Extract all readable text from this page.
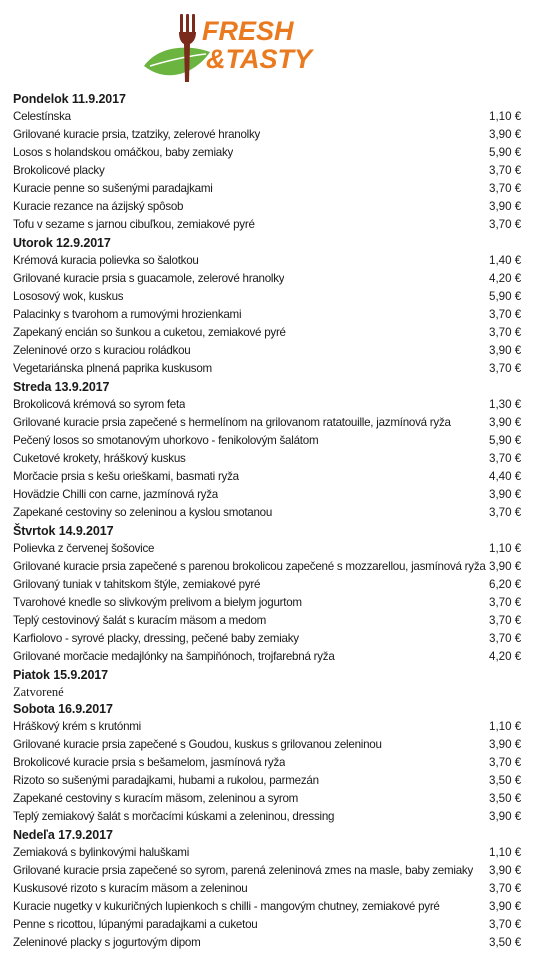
FRESH
&TASTY
Pondelok 11.9.2017
Celestínska	1,10 €
Grilované kuracie prsia, tzatziky, zelerové hranolky	3,90 €
Losos s holandskou omáčkou, baby zemiaky	5,90 €
Brokolicové placky	3,70 €
Kuracie penne so sušenými paradajkami	3,70 €
Kuracie rezance na ázijský spôsob	3,90 €
Tofu v sezame s jarnou cibuľkou, zemiakové pyré	3,70 €
Utorok 12.9.2017
Krémová kuracia polievka so šalotkou	1,40 €
Grilované kuracie prsia s guacamole, zelerové hranolky	4,20 €
Lososový wok, kuskus	5,90 €
Palacinky s tvarohom a rumovými hrozienkami	3,70 €
Zapekaný encián so šunkou a cuketou, zemiakové pyré	3,70 €
Zeleninové orzo s kuraciou roládkou	3,90 €
Vegetariánska plnená paprika kuskusom	3,70 €
Streda 13.9.2017
Brokolicová krémová so syrom feta	1,30 €
Grilované kuracie prsia zapečené s hermelínom na grilovanom ratatouille, jazmínová ryža	3,90 €
Pečený losos so smotanovým uhorkovo - fenikolovým šalátom	5,90 €
Cuketové krokety, hráškový kuskus	3,70 €
Morčacie prsia s kešu orieškami, basmati ryža	4,40 €
Hovädzie Chilli con carne, jazmínová ryža	3,90 €
Zapekané cestoviny so zeleninou a kyslou smotanou	3,70 €
Štvrtok 14.9.2017
Polievka z červenej šošovice	1,10 €
Grilované kuracie prsia zapečené s parenou brokolicou zapečené s mozzarellou, jasmínová ryža 3,90 €
Grilovaný tuniak v tahitskom štýle, zemiakové pyré	6,20 €
Tvarohové knedle so slivkovým prelivom a bielym jogurtom	3,70 €
Teplý cestovinový šalát s kuracím mäsom a medom	3,70 €
Karfiolovo - syrové placky, dressing, pečené baby zemiaky	3,70 €
Grilované morčacie medajlónky na šampiňónoch, trojfarebná ryža	4,20 €
Piatok 15.9.2017
Zatvorené
Sobota 16.9.2017
Hráškový krém s krutónmi	1,10 €
Grilované kuracie prsia zapečené s Goudou, kuskus s grilovanou zeleninou	3,90 €
Brokolicové kuracie prsia s bešamelom, jasmínová ryža	3,70 €
Rizoto so sušenými paradajkami, hubami a rukolou, parmezán	3,50 €
Zapekané cestoviny s kuracím mäsom, zeleninou a syrom	3,50 €
Teplý zemiakový šalát s morčacími kúskami a zeleninou, dressing	3,90 €
Nedeľa 17.9.2017
Zemiaková s bylinkovými haluškami	1,10 €
Grilované kuracie prsia zapečené so syrom, parená zeleninová zmes na masle, baby zemiaky 3,90 €
Kuskusové rizoto s kuracím mäsom a zeleninou	3,70 €
Kuracie nugetky v kukuričných lupienkoch s chilli - mangovým chutney, zemiakové pyré	3,90 €
Penne s ricottou, lúpanými paradajkami a cuketou	3,70 €
Zeleninové placky s jogurtovým dipom	3,50 €
